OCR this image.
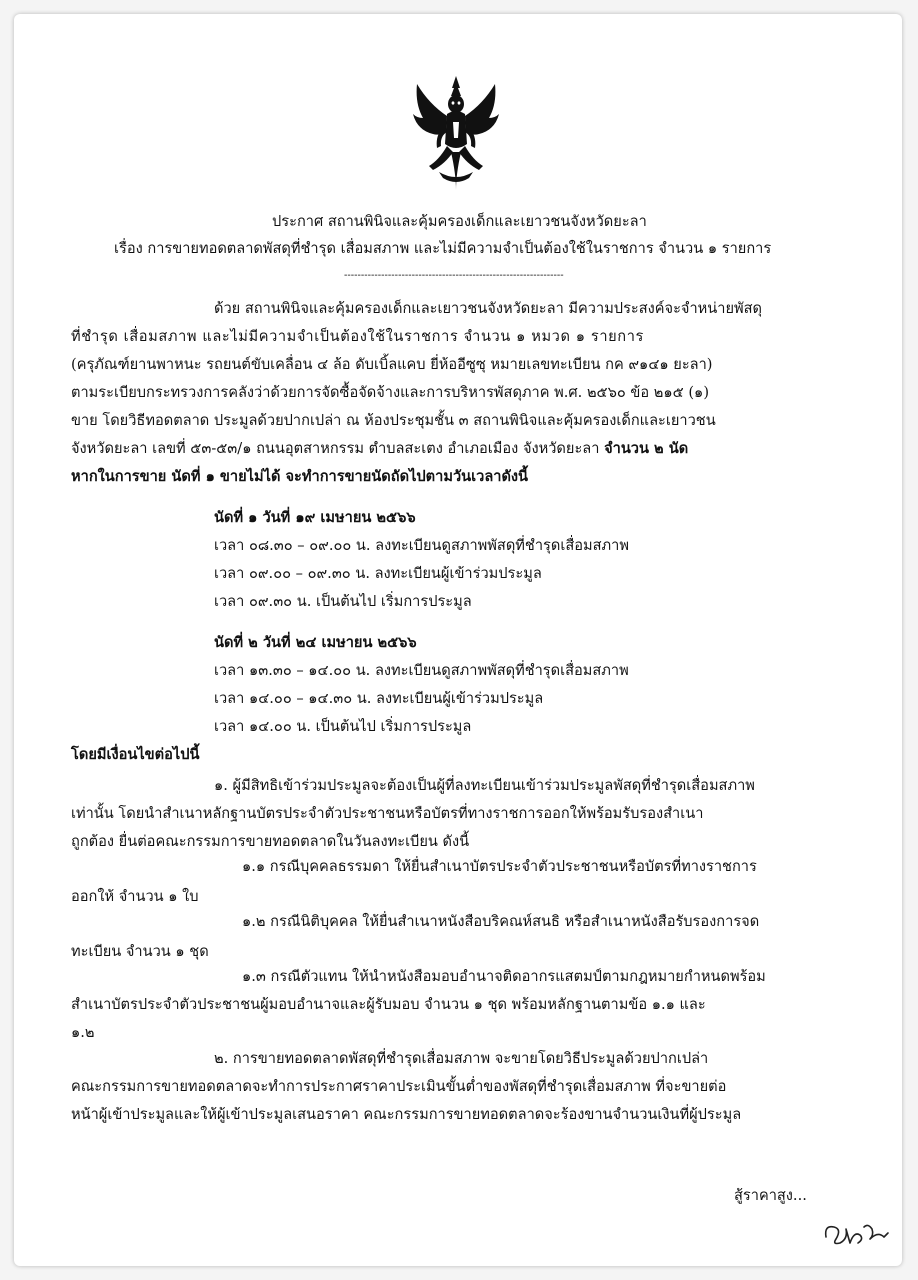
ประกาศ สถานพินิจและคุ้มครองเด็กและเยาวชนจังหวัดยะลา
เรื่อง การขายทอดตลาดพัสดุที่ชำรุด เสื่อมสภาพ และไม่มีความจำเป็นต้องใช้ในราชการ จำนวน ๑ รายการ
-----------------------------------------------------------------
ด้วย สถานพินิจและคุ้มครองเด็กและเยาวชนจังหวัดยะลา มีความประสงค์จะจำหน่ายพัสดุ
ที่ชำรุด เสื่อมสภาพ และไม่มีความจำเป็นต้องใช้ในราชการ จำนวน ๑ หมวด ๑ รายการ
(ครุภัณฑ์ยานพาหนะ รถยนต์ขับเคลื่อน ๔ ล้อ ดับเบิ้ลแคบ ยี่ห้ออีซูซุ หมายเลขทะเบียน กค ๙๑๔๑ ยะลา)
ตามระเบียบกระทรวงการคลังว่าด้วยการจัดซื้อจัดจ้างและการบริหารพัสดุภาค พ.ศ. ๒๕๖๐ ข้อ ๒๑๕ (๑)
ขาย โดยวิธีทอดตลาด ประมูลด้วยปากเปล่า ณ ห้องประชุมชั้น ๓ สถานพินิจและคุ้มครองเด็กและเยาวชน
จังหวัดยะลา เลขที่ ๕๓-๕๓/๑ ถนนอุตสาหกรรม ตำบลสะเตง อำเภอเมือง จังหวัดยะลา จำนวน ๒ นัด
หากในการขาย นัดที่ ๑ ขายไม่ได้ จะทำการขายนัดถัดไปตามวันเวลาดังนี้
นัดที่ ๑ วันที่ ๑๙ เมษายน ๒๕๖๖
เวลา ๐๘.๓๐ – ๐๙.๐๐ น. ลงทะเบียนดูสภาพพัสดุที่ชำรุดเสื่อมสภาพ
เวลา ๐๙.๐๐ – ๐๙.๓๐ น. ลงทะเบียนผู้เข้าร่วมประมูล
เวลา ๐๙.๓๐ น. เป็นต้นไป เริ่มการประมูล
นัดที่ ๒ วันที่ ๒๔ เมษายน ๒๕๖๖
เวลา ๑๓.๓๐ – ๑๔.๐๐ น. ลงทะเบียนดูสภาพพัสดุที่ชำรุดเสื่อมสภาพ
เวลา ๑๔.๐๐ – ๑๔.๓๐ น. ลงทะเบียนผู้เข้าร่วมประมูล
เวลา ๑๔.๐๐ น. เป็นต้นไป เริ่มการประมูล
โดยมีเงื่อนไขต่อไปนี้
๑. ผู้มีสิทธิเข้าร่วมประมูลจะต้องเป็นผู้ที่ลงทะเบียนเข้าร่วมประมูลพัสดุที่ชำรุดเสื่อมสภาพ
เท่านั้น โดยนำสำเนาหลักฐานบัตรประจำตัวประชาชนหรือบัตรที่ทางราชการออกให้พร้อมรับรองสำเนา
ถูกต้อง ยื่นต่อคณะกรรมการขายทอดตลาดในวันลงทะเบียน ดังนี้
๑.๑ กรณีบุคคลธรรมดา ให้ยื่นสำเนาบัตรประจำตัวประชาชนหรือบัตรที่ทางราชการ
ออกให้ จำนวน ๑ ใบ
๑.๒ กรณีนิติบุคคล ให้ยื่นสำเนาหนังสือบริคณห์สนธิ หรือสำเนาหนังสือรับรองการจด
ทะเบียน จำนวน ๑ ชุด
๑.๓ กรณีตัวแทน ให้นำหนังสือมอบอำนาจติดอากรแสตมป์ตามกฎหมายกำหนดพร้อม
สำเนาบัตรประจำตัวประชาชนผู้มอบอำนาจและผู้รับมอบ จำนวน ๑ ชุด พร้อมหลักฐานตามข้อ ๑.๑ และ
๑.๒
๒. การขายทอดตลาดพัสดุที่ชำรุดเสื่อมสภาพ จะขายโดยวิธีประมูลด้วยปากเปล่า
คณะกรรมการขายทอดตลาดจะทำการประกาศราคาประเมินขั้นต่ำของพัสดุที่ชำรุดเสื่อมสภาพ ที่จะขายต่อ
หน้าผู้เข้าประมูลและให้ผู้เข้าประมูลเสนอราคา คณะกรรมการขายทอดตลาดจะร้องขานจำนวนเงินที่ผู้ประมูล
สู้ราคาสูง...
